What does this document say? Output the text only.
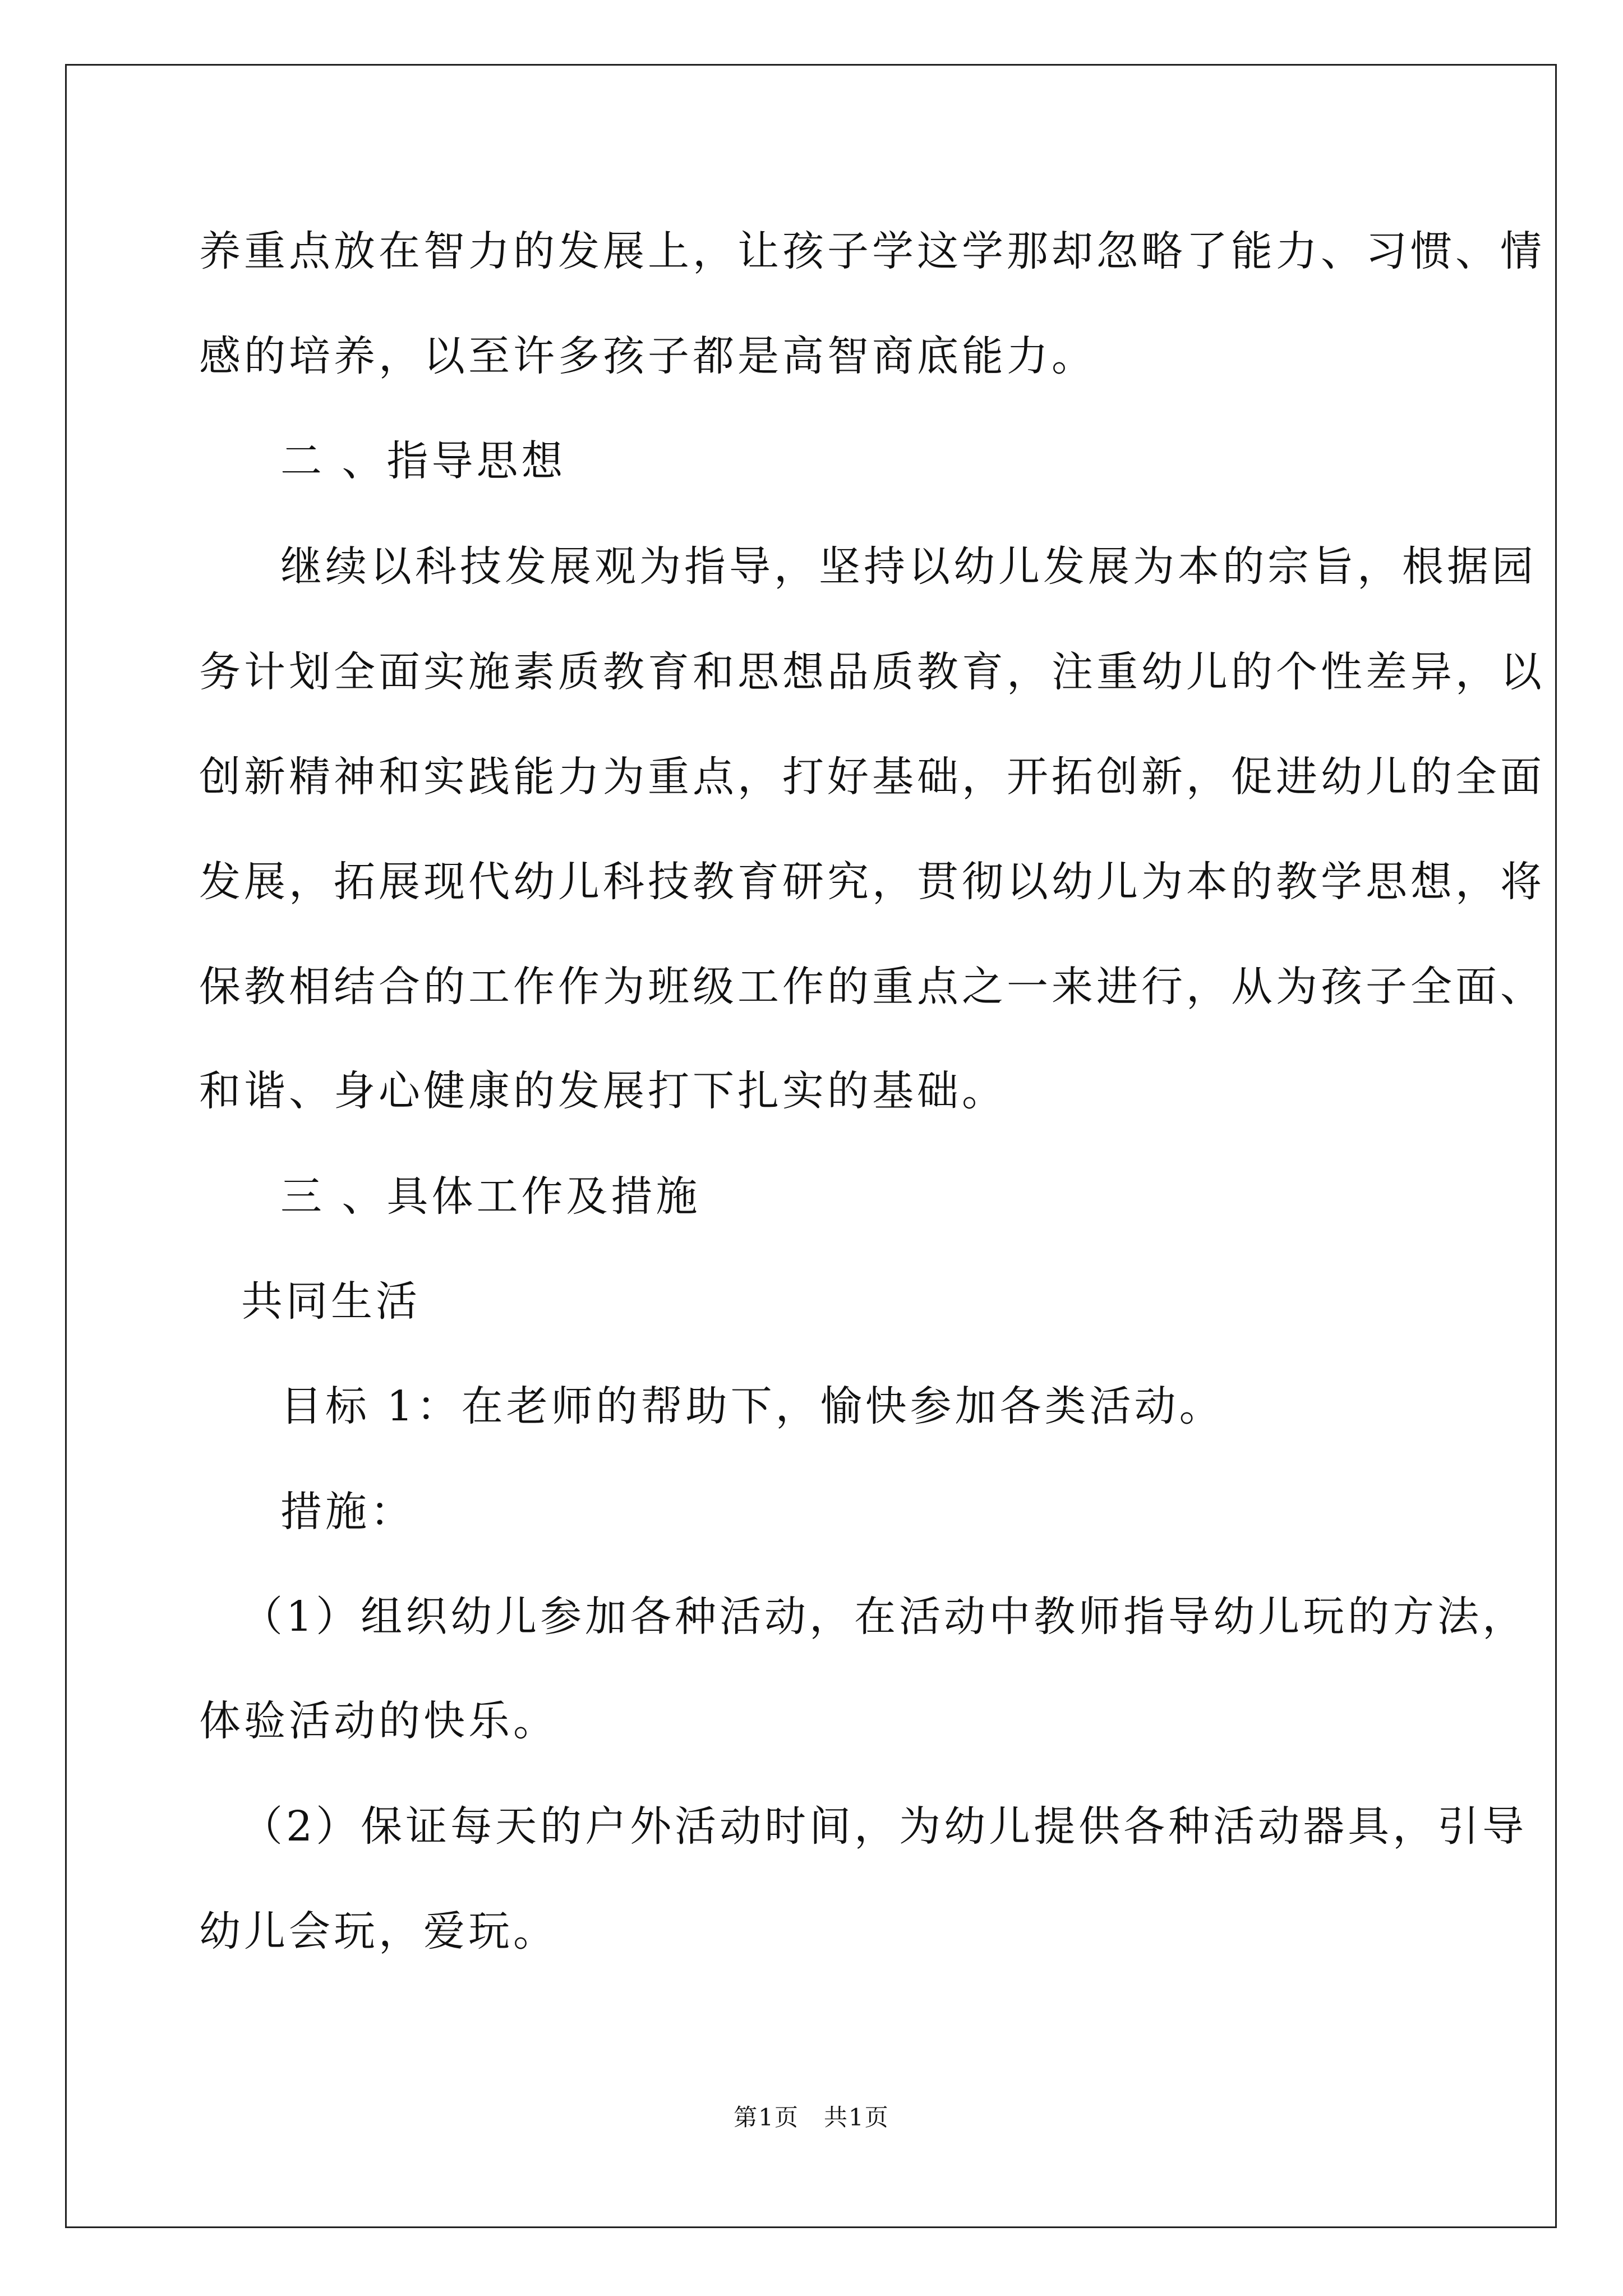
养重点放在智力的发展上，让孩子学这学那却忽略了能力、习惯、情
感的培养，以至许多孩子都是高智商底能力。
二 、指导思想
继续以科技发展观为指导，坚持以幼儿发展为本的宗旨，根据园
务计划全面实施素质教育和思想品质教育，注重幼儿的个性差异，以
创新精神和实践能力为重点，打好基础，开拓创新，促进幼儿的全面
发展，拓展现代幼儿科技教育研究，贯彻以幼儿为本的教学思想，将
保教相结合的工作作为班级工作的重点之一来进行，从为孩子全面、
和谐、身心健康的发展打下扎实的基础。
三 、具体工作及措施
共同生活
目标 1：在老师的帮助下，愉快参加各类活动。
措施：
（1）组织幼儿参加各种活动，在活动中教师指导幼儿玩的方法，
体验活动的快乐。
（2）保证每天的户外活动时间，为幼儿提供各种活动器具，引导
幼儿会玩，爱玩。
第1页　共1页
